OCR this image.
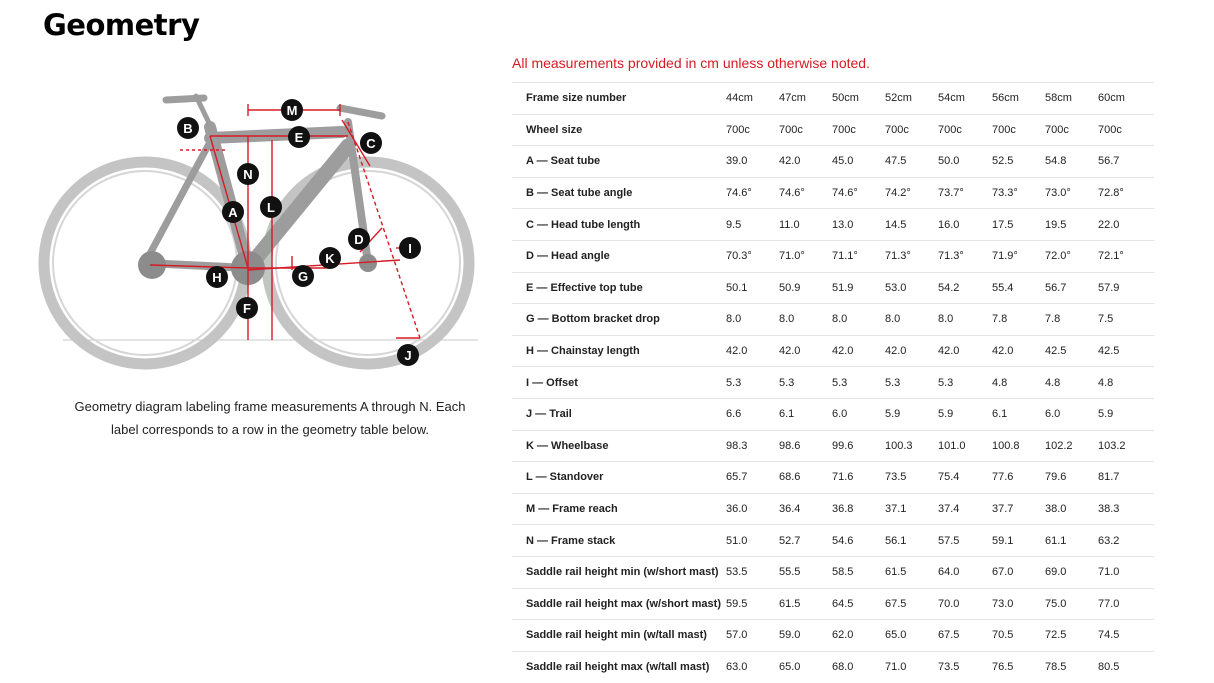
Geometry
M
B
E	C
N
L
A
D
I
K
H	G
F
J
Geometry diagram labeling frame measurements A through N. Each label corresponds to a row in the geometry table below.
All measurements provided in cm unless otherwise noted.
Frame size number	44cm	47cm	50cm	52cm	54cm	56cm	58cm	60cm
Wheel size	700c	700c	700c	700c	700c	700c	700c	700c
A — Seat tube	39.0	42.0	45.0	47.5	50.0	52.5	54.8	56.7
B — Seat tube angle	74.6°	74.6°	74.6°	74.2°	73.7°	73.3°	73.0°	72.8°
C — Head tube length	9.5	11.0	13.0	14.5	16.0	17.5	19.5	22.0
D — Head angle	70.3°	71.0°	71.1°	71.3°	71.3°	71.9°	72.0°	72.1°
E — Effective top tube	50.1	50.9	51.9	53.0	54.2	55.4	56.7	57.9
G — Bottom bracket drop	8.0	8.0	8.0	8.0	8.0	7.8	7.8	7.5
H — Chainstay length	42.0	42.0	42.0	42.0	42.0	42.0	42.5	42.5
I — Offset	5.3	5.3	5.3	5.3	5.3	4.8	4.8	4.8
J — Trail	6.6	6.1	6.0	5.9	5.9	6.1	6.0	5.9
K — Wheelbase	98.3	98.6	99.6	100.3	101.0	100.8	102.2	103.2
L — Standover	65.7	68.6	71.6	73.5	75.4	77.6	79.6	81.7
M — Frame reach	36.0	36.4	36.8	37.1	37.4	37.7	38.0	38.3
N — Frame stack	51.0	52.7	54.6	56.1	57.5	59.1	61.1	63.2
Saddle rail height min (w/short mast)	53.5	55.5	58.5	61.5	64.0	67.0	69.0	71.0
Saddle rail height max (w/short mast)	59.5	61.5	64.5	67.5	70.0	73.0	75.0	77.0
Saddle rail height min (w/tall mast)	57.0	59.0	62.0	65.0	67.5	70.5	72.5	74.5
Saddle rail height max (w/tall mast)	63.0	65.0	68.0	71.0	73.5	76.5	78.5	80.5
